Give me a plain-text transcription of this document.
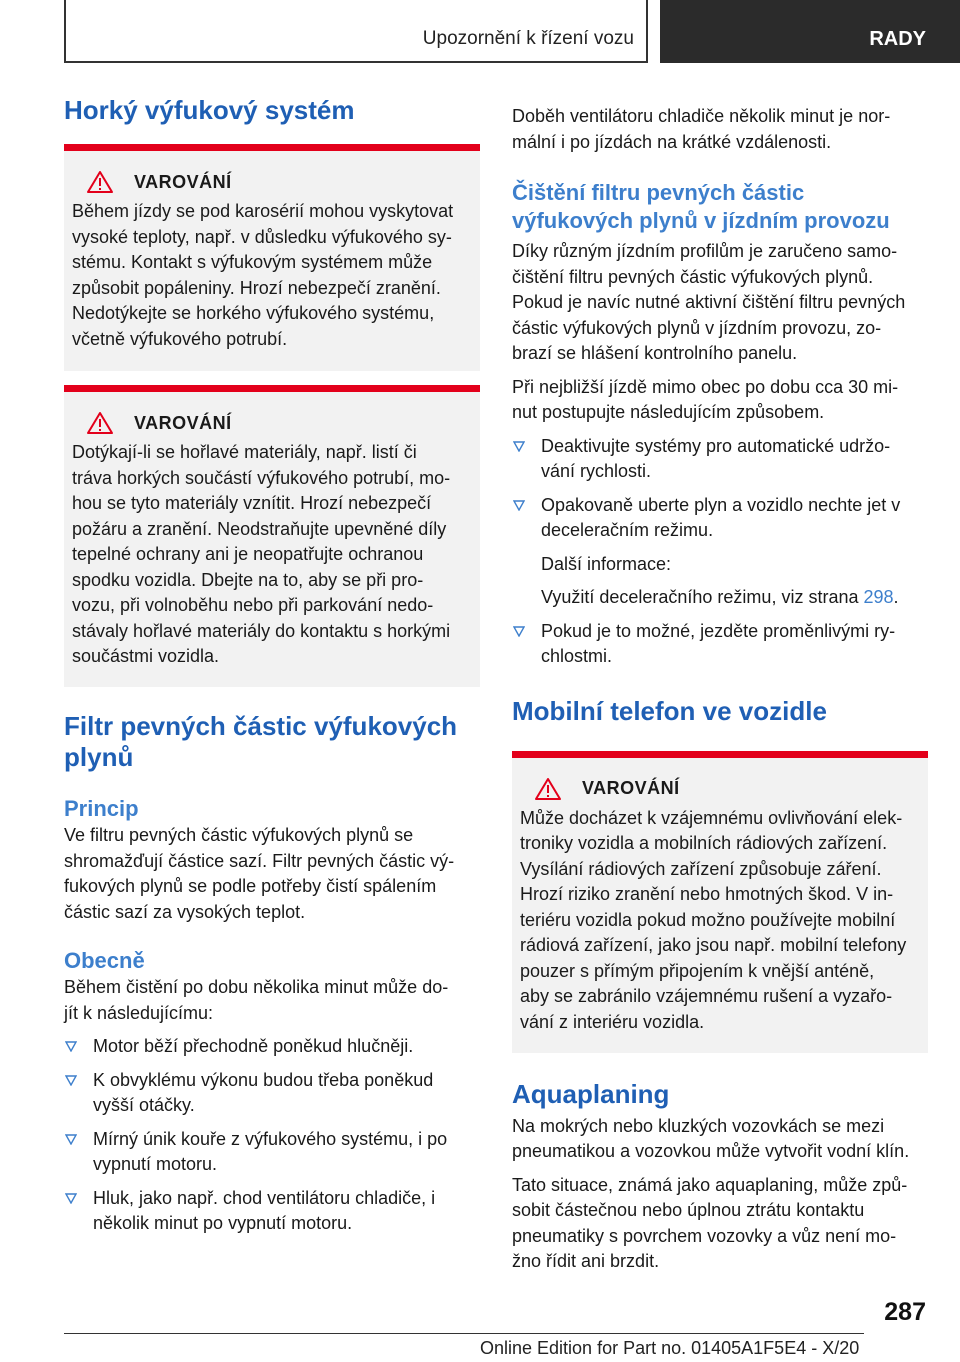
Upozornění k řízení vozu	RADY
Horký výfukový systém
VAROVÁNÍ

Během jízdy se pod karosérií mohou vyskytovat

vysoké teploty, např. v důsledku výfukového sy-

stému. Kontakt s výfukovým systémem může

způsobit popáleniny. Hrozí nebezpečí zranění.

Nedotýkejte se horkého výfukového systému,

včetně výfukového potrubí.

VAROVÁNÍ

Dotýkají-li se hořlavé materiály, např. listí či

tráva horkých součástí výfukového potrubí, mo-

hou se tyto materiály vznítit. Hrozí nebezpečí

požáru a zranění. Neodstraňujte upevněné díly

tepelné ochrany ani je neopatřujte ochranou

spodku vozidla. Dbejte na to, aby se při pro-

vozu, při volnoběhu nebo při parkování nedo-

stávaly hořlavé materiály do kontaktu s horkými

součástmi vozidla.

Filtr pevných částic výfukových
plynů
Princip

Ve filtru pevných částic výfukových plynů se

shromažďují částice sazí. Filtr pevných částic vý-

fukových plynů se podle potřeby čistí spálením

částic sazí za vysokých teplot.

Obecně

Během čistění po dobu několika minut může do-

jít k následujícímu:

Motor běží přechodně poněkud hlučněji.
K obvyklému výkonu budou třeba poněkud
vyšší otáčky.
Mírný únik kouře z výfukového systému, i po
vypnutí motoru.
Hluk, jako např. chod ventilátoru chladiče, i
několik minut po vypnutí motoru.

Doběh ventilátoru chladiče několik minut je nor-

mální i po jízdách na krátké vzdálenosti.

Čištění filtru pevných částic
výfukových plynů v jízdním provozu

Díky různým jízdním profilům je zaručeno samo-

čištění filtru pevných částic výfukových plynů.

Pokud je navíc nutné aktivní čištění filtru pevných

částic výfukových plynů v jízdním provozu, zo-

brazí se hlášení kontrolního panelu.

Při nejbližší jízdě mimo obec po dobu cca 30 mi-

nut postupujte následujícím způsobem.

Deaktivujte systémy pro automatické udržo-
vání rychlosti.
Opakovaně uberte plyn a vozidlo nechte jet v
deceleračním režimu.

Další informace:

Využití deceleračního režimu, viz strana 298.

Pokud je to možné, jezděte proměnlivými ry-
chlostmi.
Mobilní telefon ve vozidle
VAROVÁNÍ

Může docházet k vzájemnému ovlivňování elek-

troniky vozidla a mobilních rádiových zařízení.

Vysílání rádiových zařízení způsobuje záření.

Hrozí riziko zranění nebo hmotných škod. V in-

teriéru vozidla pokud možno používejte mobilní

rádiová zařízení, jako jsou např. mobilní telefony

pouzer s přímým připojením k vnější anténě,

aby se zabránilo vzájemnému rušení a vyzařo-

vání z interiéru vozidla.

Aquaplaning

Na mokrých nebo kluzkých vozovkách se mezi

pneumatikou a vozovkou může vytvořit vodní klín.

Tato situace, známá jako aquaplaning, může způ-

sobit částečnou nebo úplnou ztrátu kontaktu

pneumatiky s povrchem vozovky a vůz není mo-

žno řídit ani brzdit.

287
Online Edition for Part no. 01405A1F5E4 - X/20
